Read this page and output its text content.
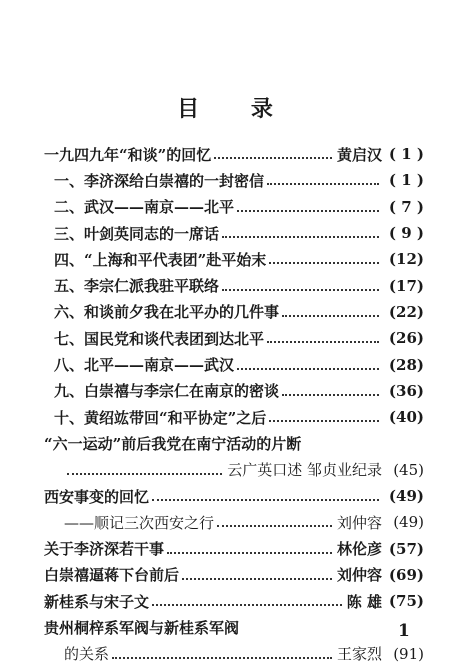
目 录
一九四九年“和谈”的回忆	黄启汉 ( 1 )
一、李济深给白崇禧的一封密信	( 1 )
二、武汉——南京——北平	( 7 )
三、叶剑英同志的一席话	( 9 )
四、“上海和平代表团”赴平始末	(12)
五、李宗仁派我驻平联络	(17)
六、和谈前夕我在北平办的几件事	(22)
七、国民党和谈代表团到达北平	(26)
八、北平——南京——武汉	(28)
九、白崇禧与李宗仁在南京的密谈	(36)
十、黄绍竑带回“和平协定”之后	(40)
“六一运动”前后我党在南宁活动的片断
云广英口述 邹贞业纪录 (45)
西安事变的回忆	(49)
——顺记三次西安之行	刘仲容 (49)
关于李济深若干事	林伦彦 (57)
白崇禧逼蒋下台前后	刘仲容 (69)
新桂系与宋子文	陈 雄 (75)
贵州桐梓系军阀与新桂系军阀
的关系	王家烈 (91)
1
